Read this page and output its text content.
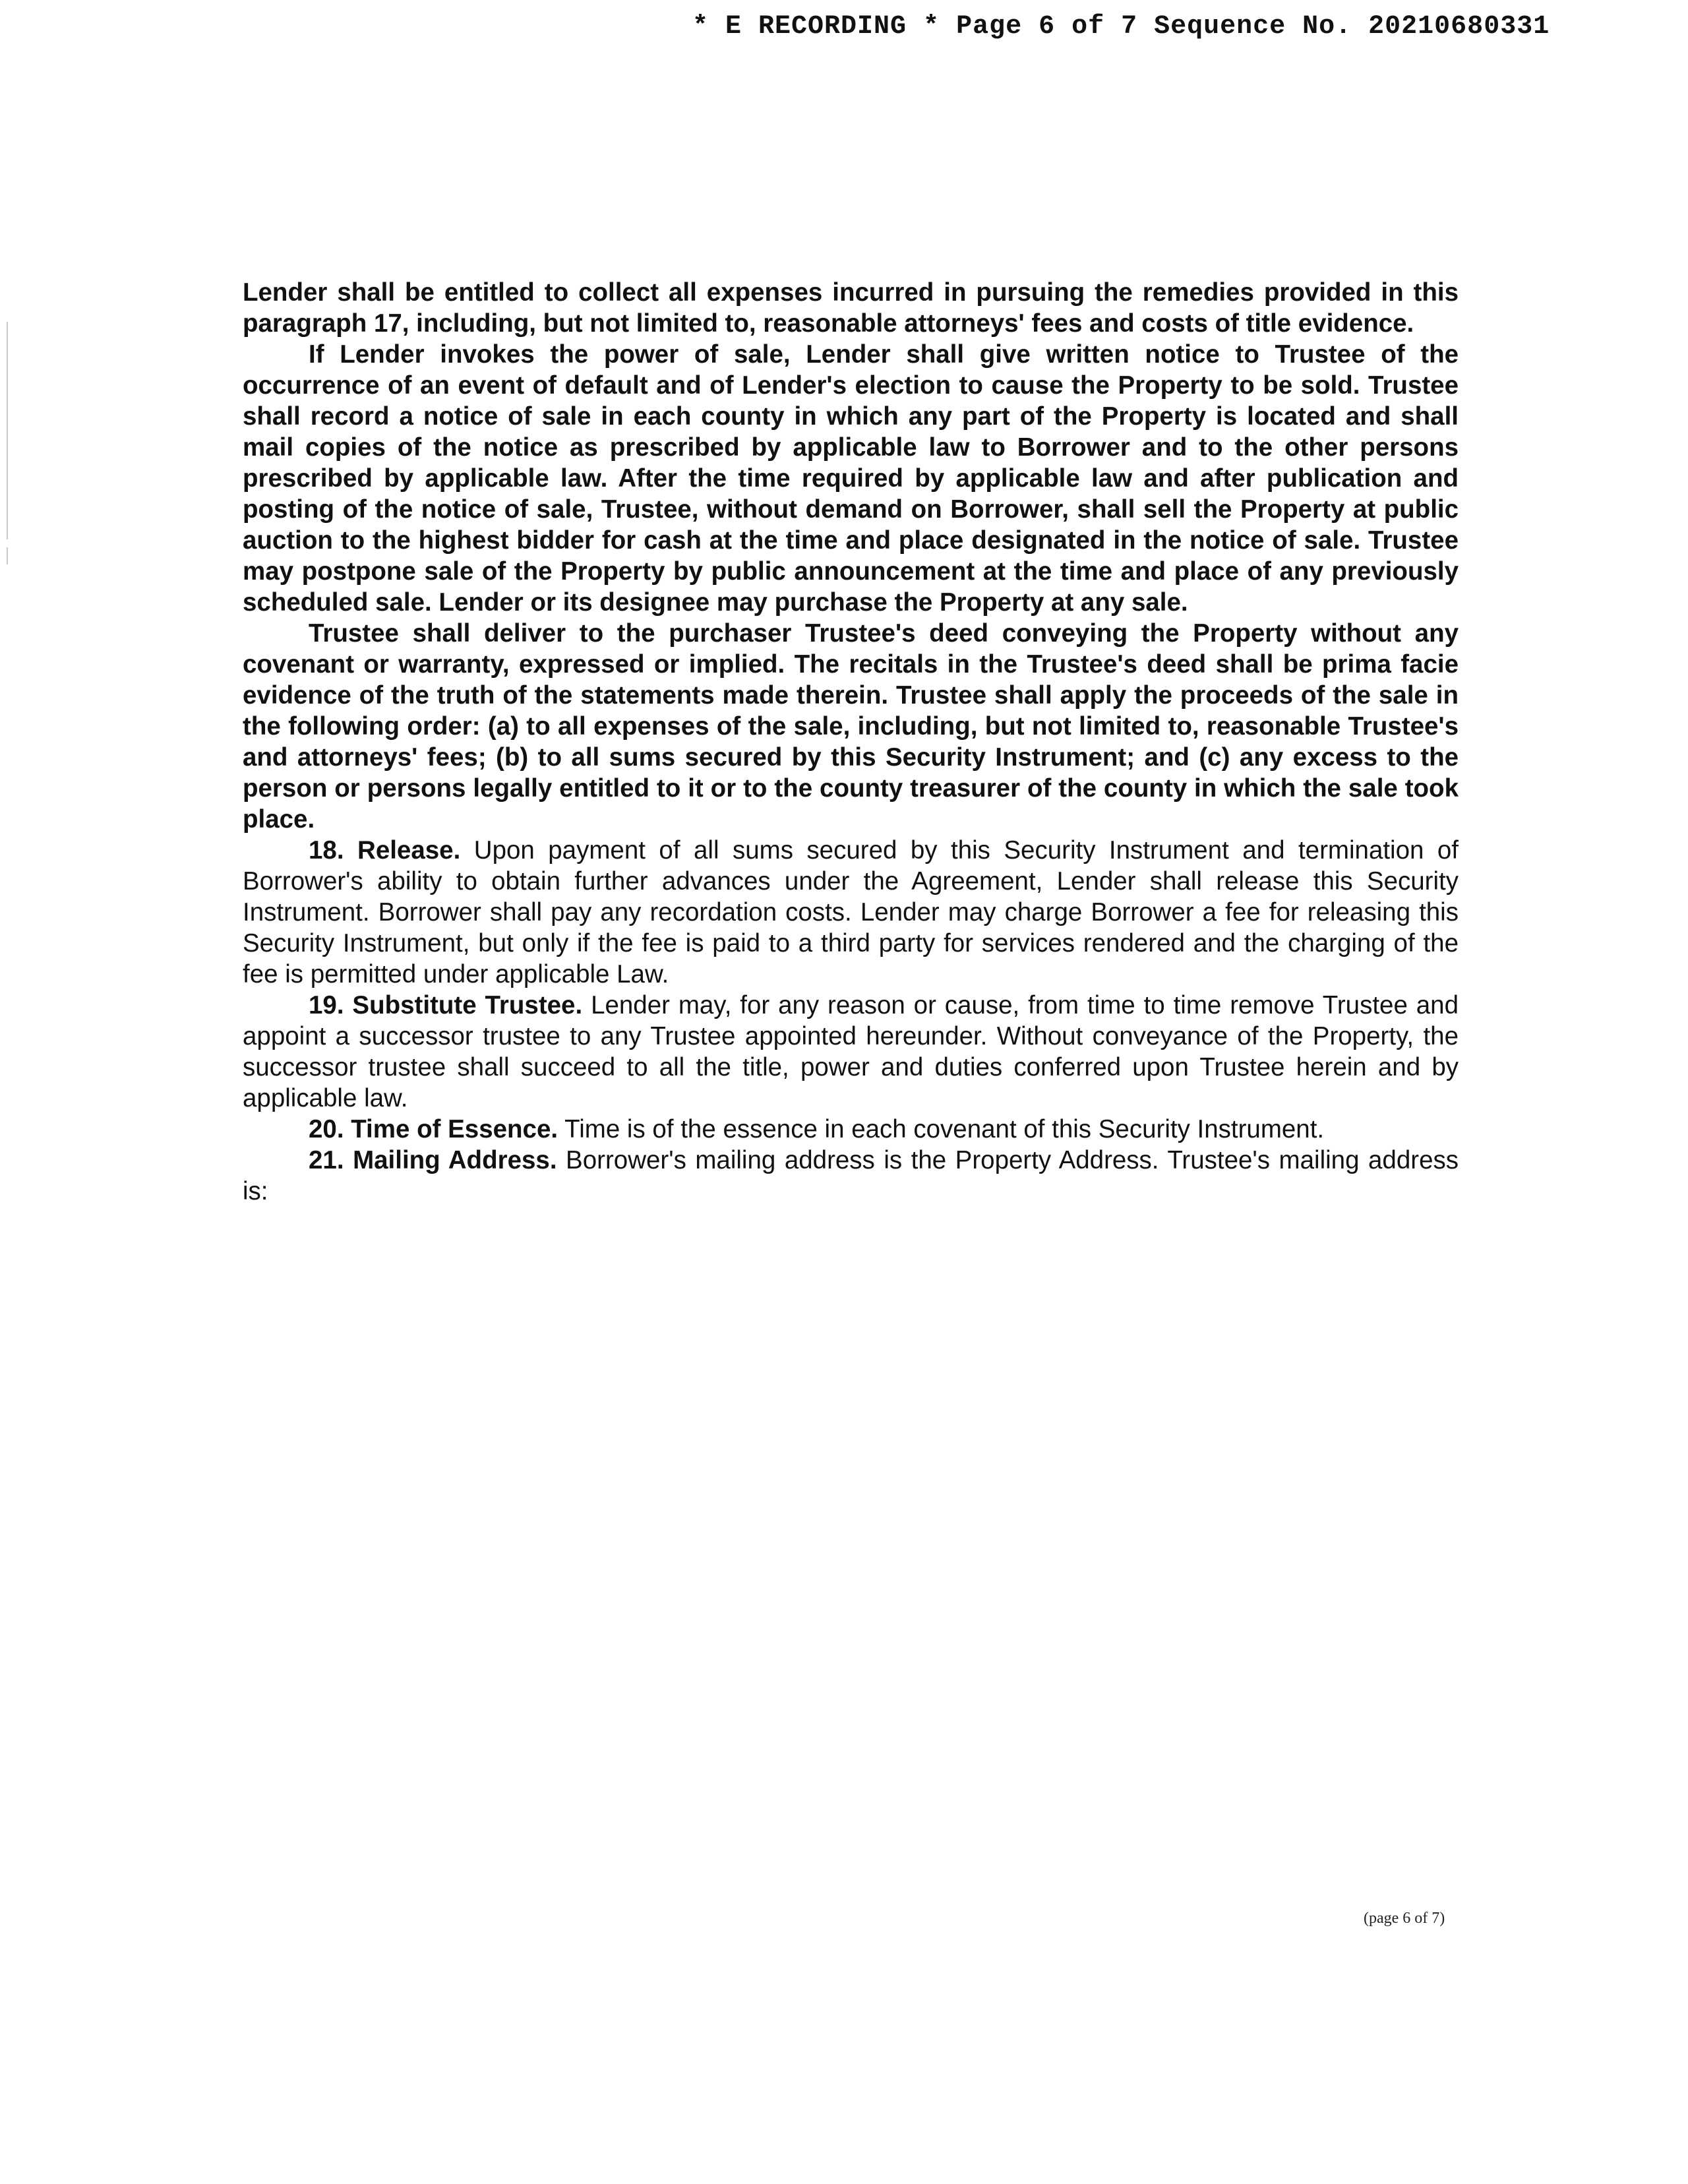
* E RECORDING * Page 6 of 7 Sequence No. 20210680331

Lender shall be entitled to collect all expenses incurred in pursuing the remedies provided in this paragraph 17, including, but not limited to, reasonable attorneys' fees and costs of title evidence.

If Lender invokes the power of sale, Lender shall give written notice to Trustee of the occurrence of an event of default and of Lender's election to cause the Property to be sold. Trustee shall record a notice of sale in each county in which any part of the Property is located and shall mail copies of the notice as prescribed by applicable law to Borrower and to the other persons prescribed by applicable law. After the time required by applicable law and after publication and posting of the notice of sale, Trustee, without demand on Borrower, shall sell the Property at public auction to the highest bidder for cash at the time and place designated in the notice of sale. Trustee may postpone sale of the Property by public announcement at the time and place of any previously scheduled sale. Lender or its designee may purchase the Property at any sale.

Trustee shall deliver to the purchaser Trustee's deed conveying the Property without any covenant or warranty, expressed or implied. The recitals in the Trustee's deed shall be prima facie evidence of the truth of the statements made therein. Trustee shall apply the proceeds of the sale in the following order: (a) to all expenses of the sale, including, but not limited to, reasonable Trustee's and attorneys' fees; (b) to all sums secured by this Security Instrument; and (c) any excess to the person or persons legally entitled to it or to the county treasurer of the county in which the sale took place.

18. Release. Upon payment of all sums secured by this Security Instrument and termination of Borrower's ability to obtain further advances under the Agreement, Lender shall release this Security Instrument. Borrower shall pay any recordation costs. Lender may charge Borrower a fee for releasing this Security Instrument, but only if the fee is paid to a third party for services rendered and the charging of the fee is permitted under applicable Law.

19. Substitute Trustee. Lender may, for any reason or cause, from time to time remove Trustee and appoint a successor trustee to any Trustee appointed hereunder. Without conveyance of the Property, the successor trustee shall succeed to all the title, power and duties conferred upon Trustee herein and by applicable law.

20. Time of Essence. Time is of the essence in each covenant of this Security Instrument.

21. Mailing Address. Borrower's mailing address is the Property Address. Trustee's mailing address is:

(page 6 of 7)
